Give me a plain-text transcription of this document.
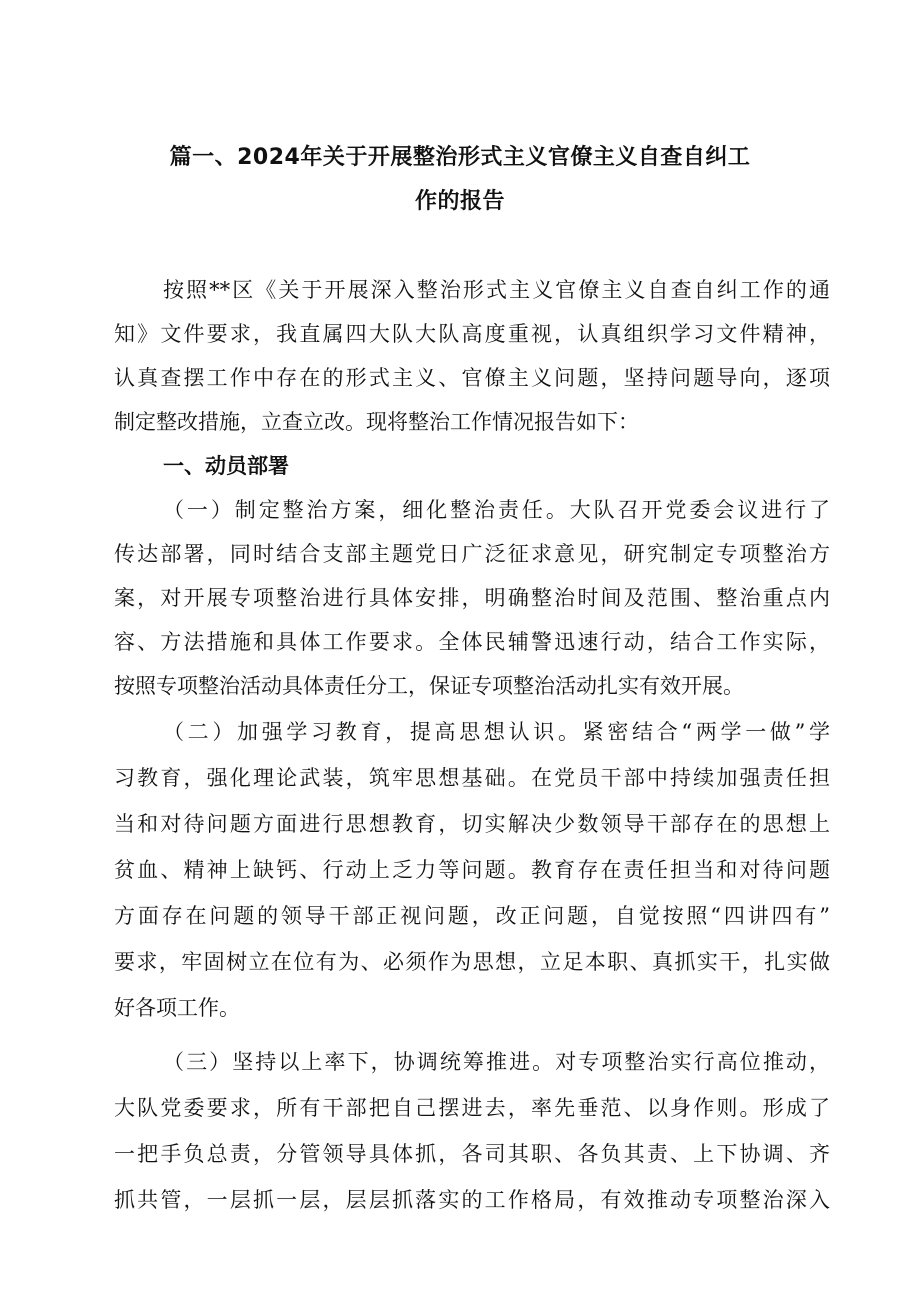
篇一、2024年关于开展整治形式主义官僚主义自查自纠工
作的报告
按照**区《关于开展深入整治形式主义官僚主义自查自纠工作的通
知》文件要求，我直属四大队大队高度重视，认真组织学习文件精神，
认真查摆工作中存在的形式主义、官僚主义问题，坚持问题导向，逐项
制定整改措施，立查立改。现将整治工作情况报告如下：
一、动员部署
（一）制定整治方案，细化整治责任。大队召开党委会议进行了
传达部署，同时结合支部主题党日广泛征求意见，研究制定专项整治方
案，对开展专项整治进行具体安排，明确整治时间及范围、整治重点内
容、方法措施和具体工作要求。全体民辅警迅速行动，结合工作实际，
按照专项整治活动具体责任分工，保证专项整治活动扎实有效开展。
（二）加强学习教育，提高思想认识。紧密结合“两学一做”学
习教育，强化理论武装，筑牢思想基础。在党员干部中持续加强责任担
当和对待问题方面进行思想教育，切实解决少数领导干部存在的思想上
贫血、精神上缺钙、行动上乏力等问题。教育存在责任担当和对待问题
方面存在问题的领导干部正视问题，改正问题，自觉按照“四讲四有”
要求，牢固树立在位有为、必须作为思想，立足本职、真抓实干，扎实做
好各项工作。
（三）坚持以上率下，协调统筹推进。对专项整治实行高位推动，
大队党委要求，所有干部把自己摆进去，率先垂范、以身作则。形成了
一把手负总责，分管领导具体抓，各司其职、各负其责、上下协调、齐
抓共管，一层抓一层，层层抓落实的工作格局，有效推动专项整治深入
